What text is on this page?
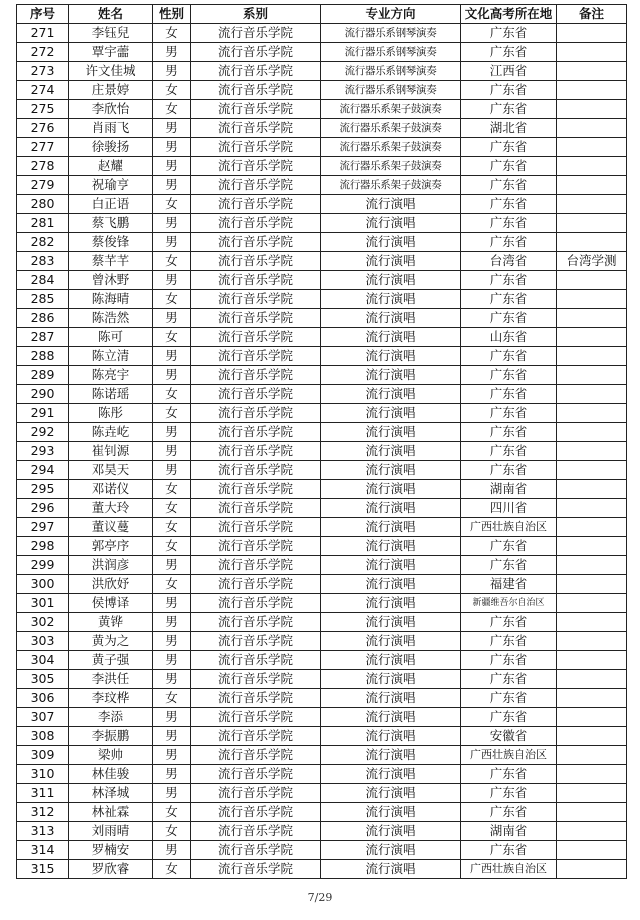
序号	姓名	性别	系别	专业方向	文化高考所在地	备注
271	李钰兒	女	流行音乐学院	流行器乐系钢琴演奏	广东省	
272	覃宇蘦	男	流行音乐学院	流行器乐系钢琴演奏	广东省	
273	许文佳城	男	流行音乐学院	流行器乐系钢琴演奏	江西省	
274	庄景婷	女	流行音乐学院	流行器乐系钢琴演奏	广东省	
275	李欣怡	女	流行音乐学院	流行器乐系架子鼓演奏	广东省	
276	肖雨飞	男	流行音乐学院	流行器乐系架子鼓演奏	湖北省	
277	徐骏扬	男	流行音乐学院	流行器乐系架子鼓演奏	广东省	
278	赵耀	男	流行音乐学院	流行器乐系架子鼓演奏	广东省	
279	祝瑜亨	男	流行音乐学院	流行器乐系架子鼓演奏	广东省	
280	白正语	女	流行音乐学院	流行演唱	广东省	
281	蔡飞鹏	男	流行音乐学院	流行演唱	广东省	
282	蔡俊锋	男	流行音乐学院	流行演唱	广东省	
283	蔡芊芊	女	流行音乐学院	流行演唱	台湾省	台湾学测
284	曾沐野	男	流行音乐学院	流行演唱	广东省	
285	陈海晴	女	流行音乐学院	流行演唱	广东省	
286	陈浩然	男	流行音乐学院	流行演唱	广东省	
287	陈可	女	流行音乐学院	流行演唱	山东省	
288	陈立清	男	流行音乐学院	流行演唱	广东省	
289	陈亮宇	男	流行音乐学院	流行演唱	广东省	
290	陈诺瑶	女	流行音乐学院	流行演唱	广东省	
291	陈彤	女	流行音乐学院	流行演唱	广东省	
292	陈垚屹	男	流行音乐学院	流行演唱	广东省	
293	崔钊源	男	流行音乐学院	流行演唱	广东省	
294	邓昊天	男	流行音乐学院	流行演唱	广东省	
295	邓诺仪	女	流行音乐学院	流行演唱	湖南省	
296	董大玲	女	流行音乐学院	流行演唱	四川省	
297	董议蔓	女	流行音乐学院	流行演唱	广西壮族自治区	
298	郭亭序	女	流行音乐学院	流行演唱	广东省	
299	洪润彦	男	流行音乐学院	流行演唱	广东省	
300	洪欣妤	女	流行音乐学院	流行演唱	福建省	
301	侯博译	男	流行音乐学院	流行演唱	新疆维吾尔自治区	
302	黄铧	男	流行音乐学院	流行演唱	广东省	
303	黄为之	男	流行音乐学院	流行演唱	广东省	
304	黄子强	男	流行音乐学院	流行演唱	广东省	
305	李洪任	男	流行音乐学院	流行演唱	广东省	
306	李玟桦	女	流行音乐学院	流行演唱	广东省	
307	李添	男	流行音乐学院	流行演唱	广东省	
308	李振鹏	男	流行音乐学院	流行演唱	安徽省	
309	梁帅	男	流行音乐学院	流行演唱	广西壮族自治区	
310	林佳骏	男	流行音乐学院	流行演唱	广东省	
311	林泽城	男	流行音乐学院	流行演唱	广东省	
312	林祉霖	女	流行音乐学院	流行演唱	广东省	
313	刘雨晴	女	流行音乐学院	流行演唱	湖南省	
314	罗楠安	男	流行音乐学院	流行演唱	广东省	
315	罗欣睿	女	流行音乐学院	流行演唱	广西壮族自治区	
7/29
